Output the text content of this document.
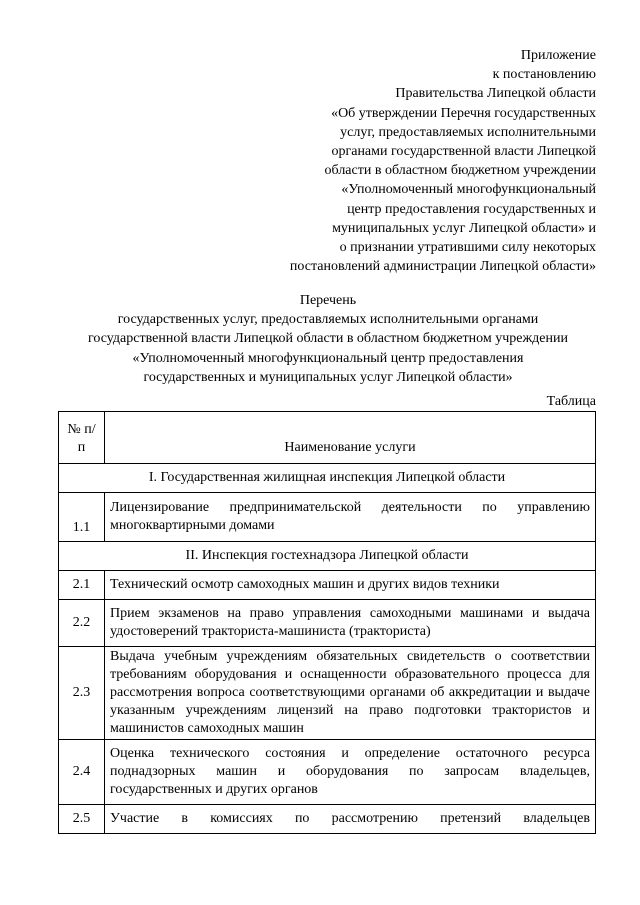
Приложение
к постановлению
Правительства Липецкой области
«Об утверждении Перечня государственных
услуг, предоставляемых исполнительными
органами государственной власти Липецкой
области в областном бюджетном учреждении
«Уполномоченный многофункциональный
центр предоставления государственных и
муниципальных услуг Липецкой области» и
о признании утратившими силу некоторых
постановлений администрации Липецкой области»
Перечень
государственных услуг, предоставляемых исполнительными органами
государственной власти Липецкой области в областном бюджетном учреждении
«Уполномоченный многофункциональный центр предоставления
государственных и муниципальных услуг Липецкой области»
Таблица
№ п/п	Наименование услуги
I. Государственная жилищная инспекция Липецкой области	
1.1	Лицензирование предпринимательской деятельности по управлению многоквартирными домами
II. Инспекция гостехнадзора Липецкой области	
2.1	Технический осмотр самоходных машин и других видов техники
2.2	Прием экзаменов на право управления самоходными машинами и выдача удостоверений тракториста-машиниста (тракториста)
2.3	Выдача учебным учреждениям обязательных свидетельств о соответствии требованиям оборудования и оснащенности образовательного процесса для рассмотрения вопроса соответствующими органами об аккредитации и выдаче указанным учреждениям лицензий на право подготовки трактористов и машинистов самоходных машин
2.4	Оценка технического состояния и определение остаточного ресурса поднадзорных машин и оборудования по запросам владельцев, государственных и других органов
2.5	Участие в комиссиях по рассмотрению претензий владельцев
